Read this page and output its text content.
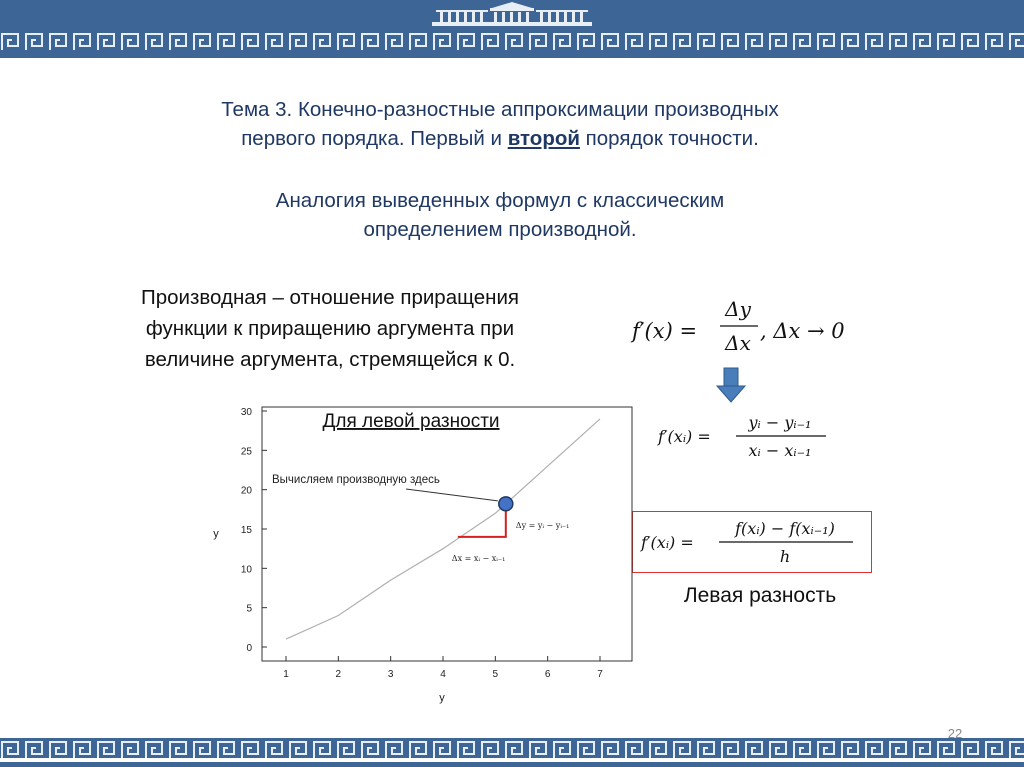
Тема 3. Конечно-разностные аппроксимации производных
первого порядка. Первый и второй порядок точности.
Аналогия выведенных формул с классическим
определением производной.
Производная – отношение приращения
функции к приращению аргумента при
величине аргумента, стремящейся к 0.
f′(x) =
Δy
Δx , Δx → 0
f′(xᵢ) =
yᵢ − yᵢ₋₁
xᵢ − xᵢ₋₁
f′(xᵢ) =
f(xᵢ) − f(xᵢ₋₁)
h
Левая разность
1	2	3	4	5	6	7
0
5
10
15
20
25
30
Вычисляем производную здесь
Δy = yᵢ − yᵢ₋₁
Δx = xᵢ − xᵢ₋₁
Для левой разности
y
y
22
